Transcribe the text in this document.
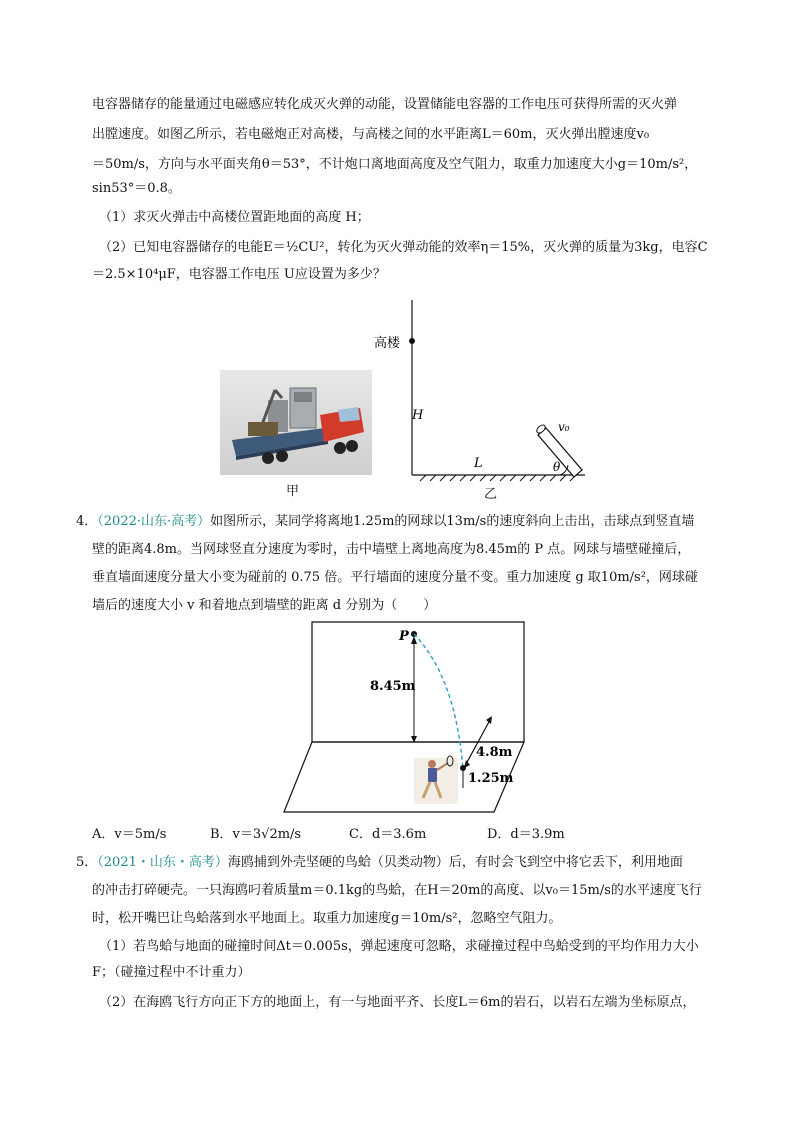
电容器储存的能量通过电磁感应转化成灭火弹的动能，设置储能电容器的工作电压可获得所需的灭火弹
出膛速度。如图乙所示，若电磁炮正对高楼，与高楼之间的水平距离L＝60m，灭火弹出膛速度v₀
＝50m/s，方向与水平面夹角θ＝53°，不计炮口离地面高度及空气阻力，取重力加速度大小g＝10m/s²，
sin53°＝0.8。
（1）求灭火弹击中高楼位置距地面的高度 H；
（2）已知电容器储存的电能E＝½CU²，转化为灭火弹动能的效率η＝15%，灭火弹的质量为3kg，电容C
＝2.5×10⁴μF，电容器工作电压 U应设置为多少？
甲
高楼
H
L	θ
v₀
乙
4．（2022·山东·高考）如图所示，某同学将离地1.25m的网球以13m/s的速度斜向上击出，击球点到竖直墙
壁的距离4.8m。当网球竖直分速度为零时，击中墙壁上离地高度为8.45m的 P 点。网球与墙壁碰撞后，
垂直墙面速度分量大小变为碰前的 0.75 倍。平行墙面的速度分量不变。重力加速度 g 取10m/s²，网球碰
墙后的速度大小 v 和着地点到墙壁的距离 d 分别为（　　）
P
8.45m
4.8m
1.25m
A．v＝5m/s	B．v＝3√2m/s	C．d＝3.6m	D．d＝3.9m
5．（2021・山东・高考）海鸥捕到外壳坚硬的鸟蛤（贝类动物）后，有时会飞到空中将它丢下，利用地面
的冲击打碎硬壳。一只海鸥叼着质量m＝0.1kg的鸟蛤，在H＝20m的高度、以v₀＝15m/s的水平速度飞行
时，松开嘴巴让鸟蛤落到水平地面上。取重力加速度g＝10m/s²，忽略空气阻力。
（1）若鸟蛤与地面的碰撞时间Δt＝0.005s，弹起速度可忽略，求碰撞过程中鸟蛤受到的平均作用力大小
F；（碰撞过程中不计重力）
（2）在海鸥飞行方向正下方的地面上，有一与地面平齐、长度L＝6m的岩石，以岩石左端为坐标原点，
